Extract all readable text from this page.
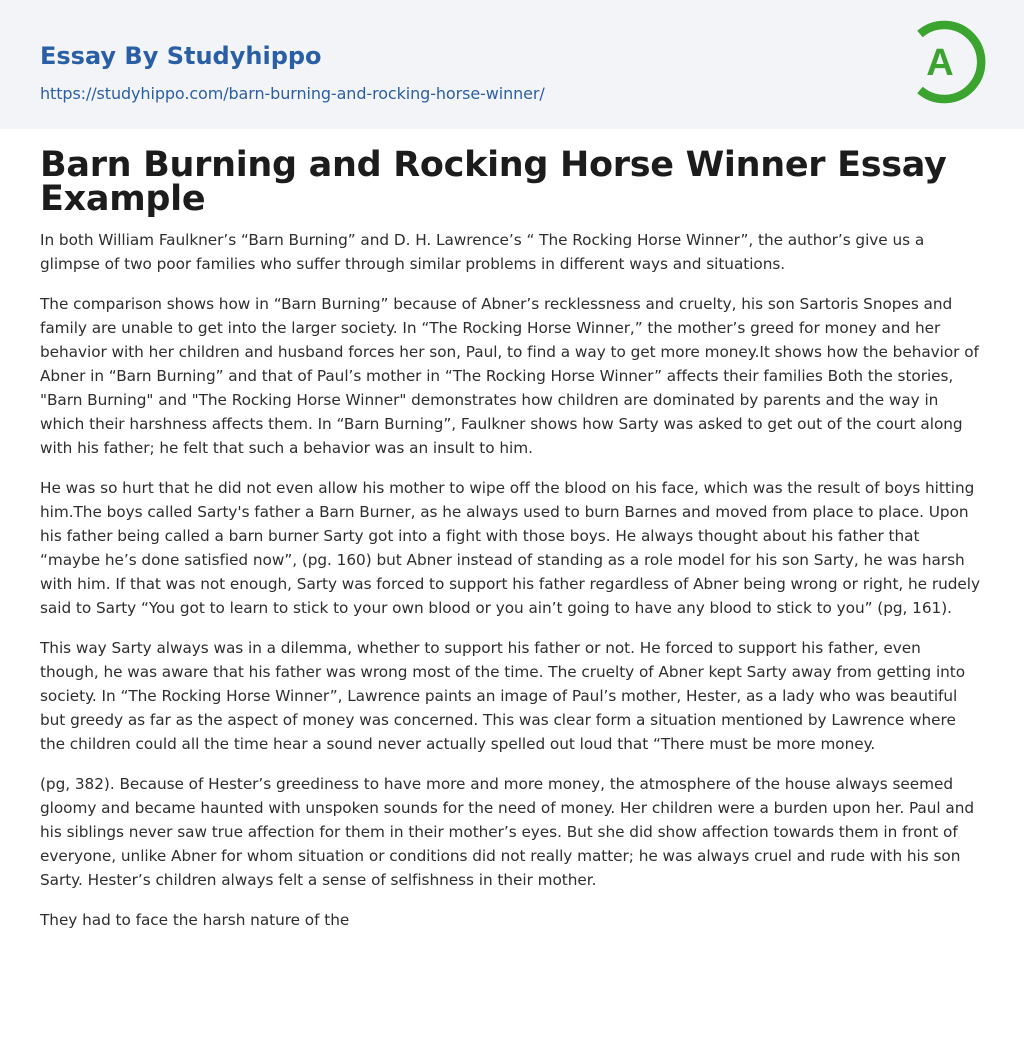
Essay By Studyhippo
https://studyhippo.com/barn-burning-and-rocking-horse-winner/
A
Barn Burning and Rocking Horse Winner Essay Example

In both William Faulkner’s “Barn Burning” and D. H. Lawrence’s “ The Rocking Horse Winner”, the author’s give us a glimpse of two poor families who suffer through similar problems in different ways and situations.

The comparison shows how in “Barn Burning” because of Abner’s recklessness and cruelty, his son Sartoris Snopes and family are unable to get into the larger society. In “The Rocking Horse Winner,” the mother’s greed for money and her behavior with her children and husband forces her son, Paul, to find a way to get more money.It shows how the behavior of Abner in “Barn Burning” and that of Paul’s mother in “The Rocking Horse Winner” affects their families Both the stories, "Barn Burning" and "The Rocking Horse Winner" demonstrates how children are dominated by parents and the way in which their harshness affects them. In “Barn Burning”, Faulkner shows how Sarty was asked to get out of the court along with his father; he felt that such a behavior was an insult to him.

He was so hurt that he did not even allow his mother to wipe off the blood on his face, which was the result of boys hitting him.The boys called Sarty's father a Barn Burner, as he always used to burn Barnes and moved from place to place. Upon his father being called a barn burner Sarty got into a fight with those boys. He always thought about his father that “maybe he’s done satisfied now”, (pg. 160) but Abner instead of standing as a role model for his son Sarty, he was harsh with him. If that was not enough, Sarty was forced to support his father regardless of Abner being wrong or right, he rudely said to Sarty “You got to learn to stick to your own blood or you ain’t going to have any blood to stick to you” (pg, 161).

This way Sarty always was in a dilemma, whether to support his father or not. He forced to support his father, even though, he was aware that his father was wrong most of the time. The cruelty of Abner kept Sarty away from getting into society. In “The Rocking Horse Winner”, Lawrence paints an image of Paul’s mother, Hester, as a lady who was beautiful but greedy as far as the aspect of money was concerned. This was clear form a situation mentioned by Lawrence where the children could all the time hear a sound never actually spelled out loud that “There must be more money.

(pg, 382). Because of Hester’s greediness to have more and more money, the atmosphere of the house always seemed gloomy and became haunted with unspoken sounds for the need of money. Her children were a burden upon her. Paul and his siblings never saw true affection for them in their mother’s eyes. But she did show affection towards them in front of everyone, unlike Abner for whom situation or conditions did not really matter; he was always cruel and rude with his son Sarty. Hester’s children always felt a sense of selfishness in their mother.

They had to face the harsh nature of the
